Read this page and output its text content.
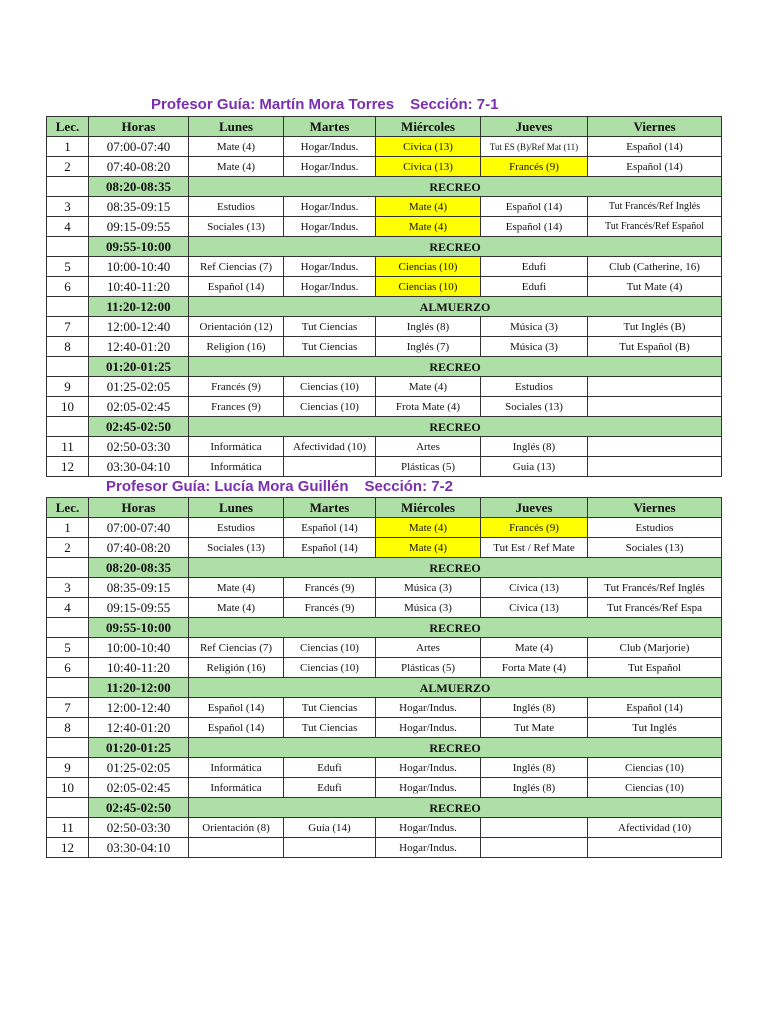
Profesor Guía: Martín Mora Torres Sección: 7-1
Lec.	Horas	Lunes	Martes	Miércoles	Jueves	Viernes
1	07:00-07:40	Mate (4)	Hogar/Indus.	Cívica (13)	Tut ES (B)/Ref Mat (11)	Español (14)
2	07:40-08:20	Mate (4)	Hogar/Indus.	Cívica (13)	Francés (9)	Español (14)
	08:20-08:35	RECREO				
3	08:35-09:15	Estudios	Hogar/Indus.	Mate (4)	Español (14)	Tut Francés/Ref Inglés
4	09:15-09:55	Sociales (13)	Hogar/Indus.	Mate (4)	Español (14)	Tut Francés/Ref Español
	09:55-10:00	RECREO				
5	10:00-10:40	Ref Ciencias (7)	Hogar/Indus.	Ciencias (10)	Edufi	Club (Catherine, 16)
6	10:40-11:20	Español (14)	Hogar/Indus.	Ciencias (10)	Edufi	Tut Mate (4)
	11:20-12:00	ALMUERZO				
7	12:00-12:40	Orientación (12)	Tut Ciencias	Inglés (8)	Música (3)	Tut Inglés (B)
8	12:40-01:20	Religion (16)	Tut Ciencias	Inglés (7)	Música (3)	Tut Español (B)
	01:20-01:25	RECREO				
9	01:25-02:05	Francés (9)	Ciencias (10)	Mate (4)	Estudios	
10	02:05-02:45	Frances (9)	Ciencias (10)	Frota Mate (4)	Sociales (13)	
	02:45-02:50	RECREO				
11	02:50-03:30	Informática	Afectividad (10)	Artes	Inglés (8)	
12	03:30-04:10	Informática		Plásticas (5)	Guia (13)	
Profesor Guía: Lucía Mora Guillén Sección: 7-2
Lec.	Horas	Lunes	Martes	Miércoles	Jueves	Viernes
1	07:00-07:40	Estudios	Español (14)	Mate (4)	Francés (9)	Estudios
2	07:40-08:20	Sociales (13)	Español (14)	Mate (4)	Tut Est / Ref Mate	Sociales (13)
	08:20-08:35	RECREO				
3	08:35-09:15	Mate (4)	Francés (9)	Música (3)	Cívica (13)	Tut Francés/Ref Inglés
4	09:15-09:55	Mate (4)	Francés (9)	Música (3)	Cívica (13)	Tut Francés/Ref Espa
	09:55-10:00	RECREO				
5	10:00-10:40	Ref Ciencias (7)	Ciencias (10)	Artes	Mate (4)	Club (Marjorie)
6	10:40-11:20	Religión (16)	Ciencias (10)	Plásticas (5)	Forta Mate (4)	Tut Español
	11:20-12:00	ALMUERZO				
7	12:00-12:40	Español (14)	Tut Ciencias	Hogar/Indus.	Inglés (8)	Español (14)
8	12:40-01:20	Español (14)	Tut Ciencias	Hogar/Indus.	Tut Mate	Tut Inglés
	01:20-01:25	RECREO				
9	01:25-02:05	Informática	Edufi	Hogar/Indus.	Inglés (8)	Ciencias (10)
10	02:05-02:45	Informática	Edufi	Hogar/Indus.	Inglés (8)	Ciencias (10)
	02:45-02:50	RECREO				
11	02:50-03:30	Orientación (8)	Guía (14)	Hogar/Indus.		Afectividad (10)
12	03:30-04:10			Hogar/Indus.		
